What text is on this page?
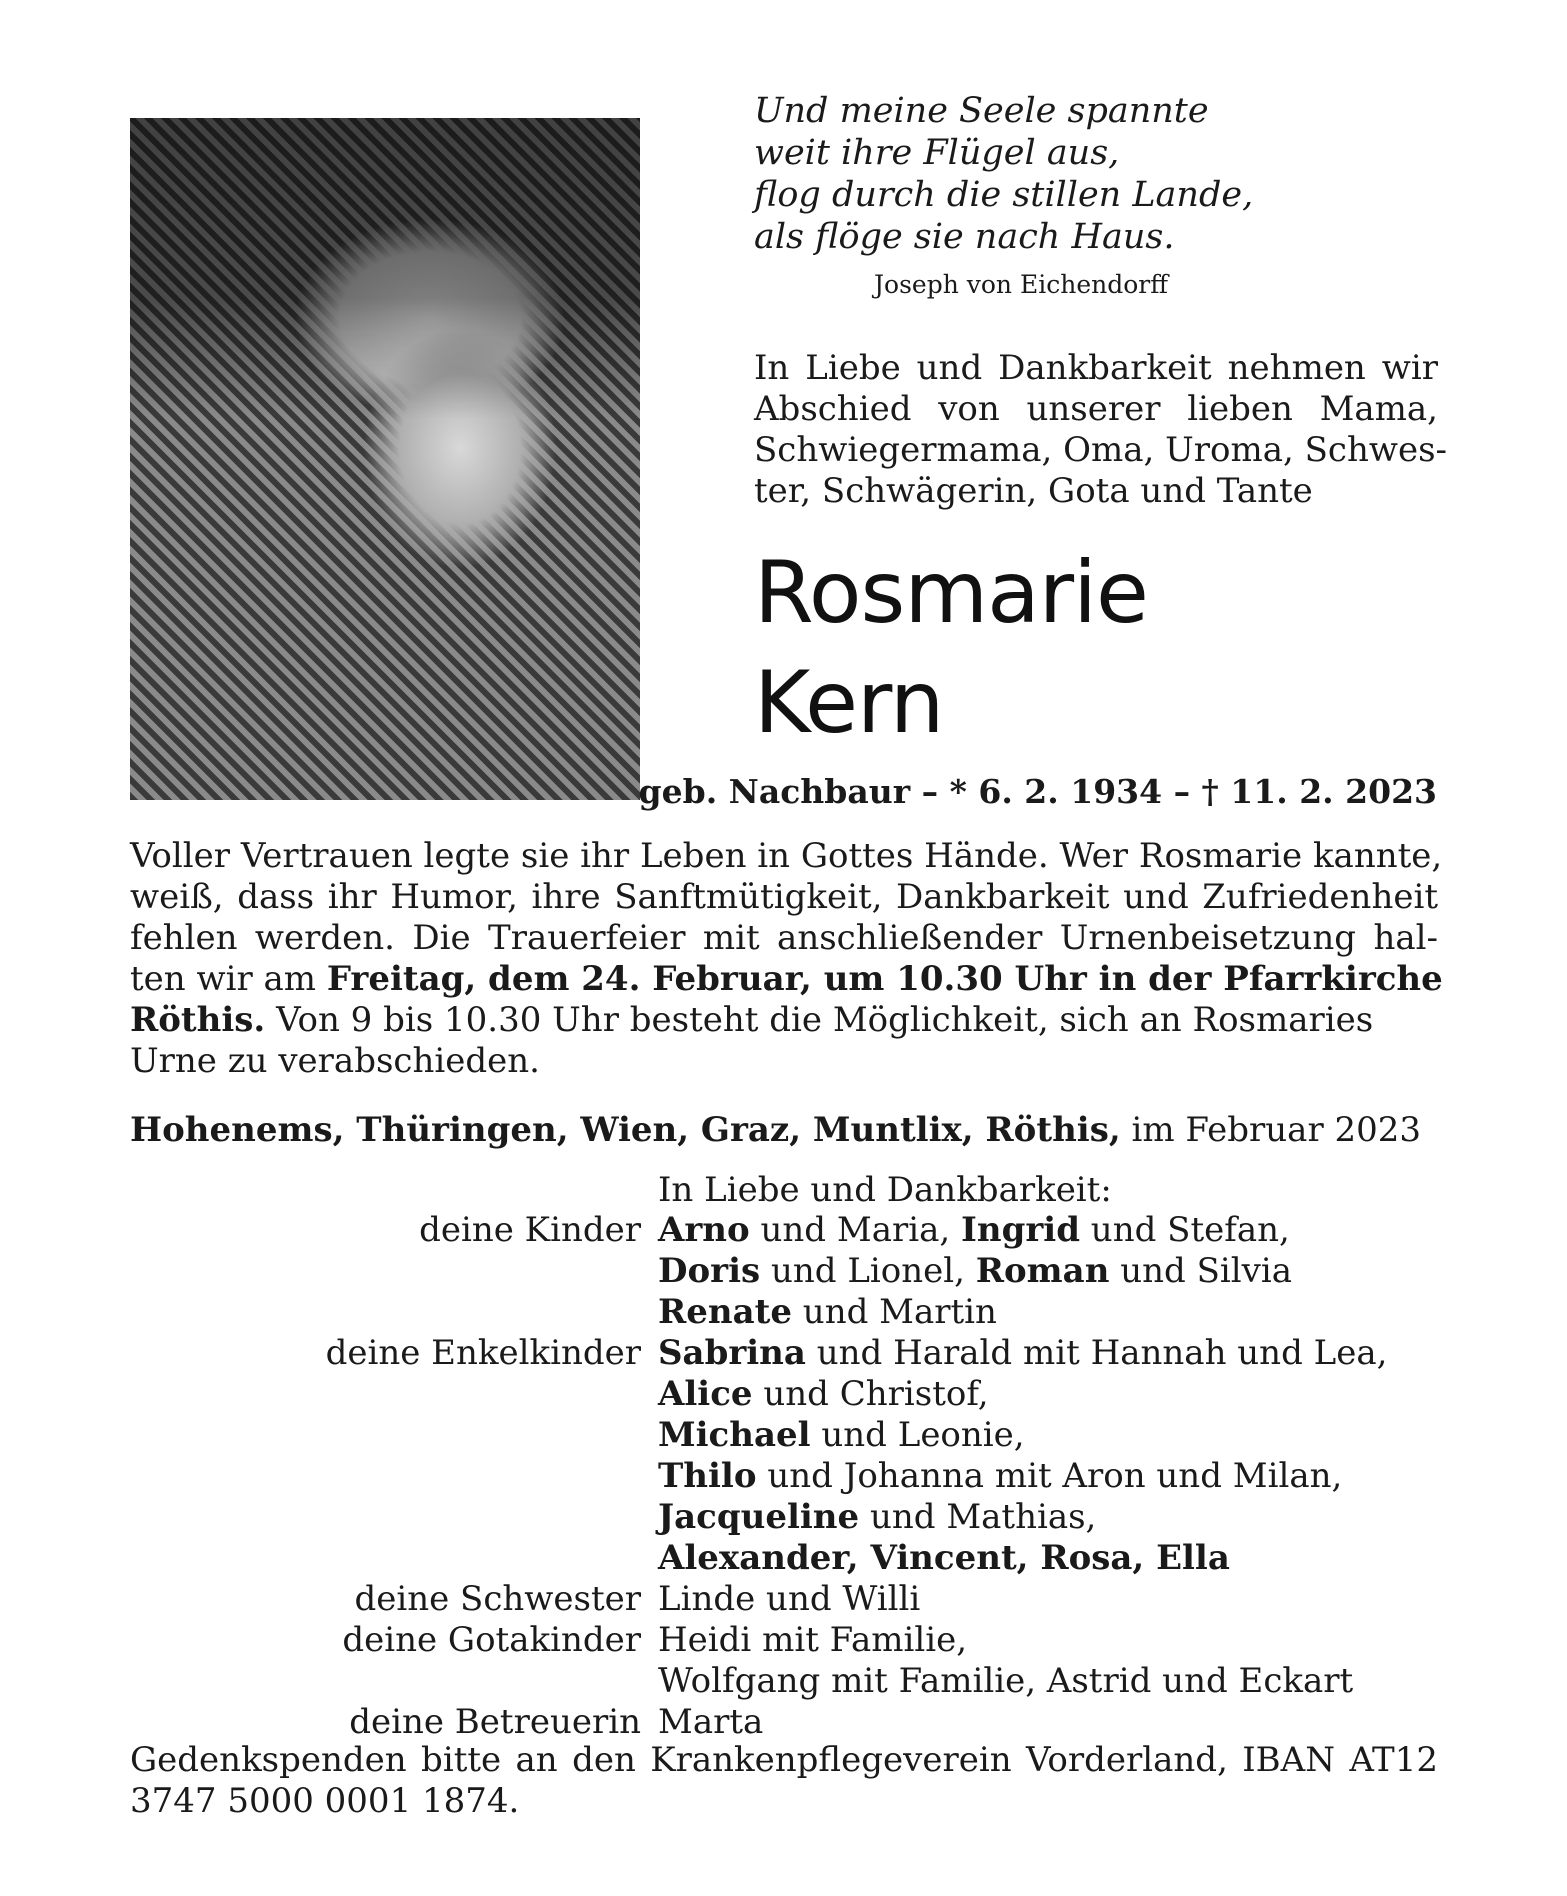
Und meine Seele spannte
weit ihre Flügel aus,
flog durch die stillen Lande,
als flöge sie nach Haus.
Joseph von Eichendorff
In Liebe und Dankbarkeit nehmen wir
Abschied von unserer lieben Mama,
Schwiegermama, Oma, Uroma, Schwes-
ter, Schwägerin, Gota und Tante
Rosmarie
Kern
geb. Nachbaur – * 6. 2. 1934 – † 11. 2. 2023
Voller Vertrauen legte sie ihr Leben in Gottes Hände. Wer Rosmarie kannte,
weiß, dass ihr Humor, ihre Sanftmütigkeit, Dankbarkeit und Zufriedenheit
fehlen werden. Die Trauerfeier mit anschließender Urnenbeisetzung hal-
ten wir am Freitag, dem 24. Februar, um 10.30 Uhr in der Pfarrkirche
Röthis. Von 9 bis 10.30 Uhr besteht die Möglichkeit, sich an Rosmaries
Urne zu verabschieden.
Hohenems, Thüringen, Wien, Graz, Muntlix, Röthis, im Februar 2023
In Liebe und Dankbarkeit:
deine Kinder Arno und Maria, Ingrid und Stefan,
Doris und Lionel, Roman und Silvia
Renate und Martin
deine Enkelkinder Sabrina und Harald mit Hannah und Lea,
Alice und Christof,
Michael und Leonie,
Thilo und Johanna mit Aron und Milan,
Jacqueline und Mathias,
Alexander, Vincent, Rosa, Ella
deine Schwester Linde und Willi
deine Gotakinder Heidi mit Familie,
Wolfgang mit Familie, Astrid und Eckart
deine Betreuerin Marta
Gedenkspenden bitte an den Krankenpflegeverein Vorderland, IBAN AT12
3747 5000 0001 1874.
